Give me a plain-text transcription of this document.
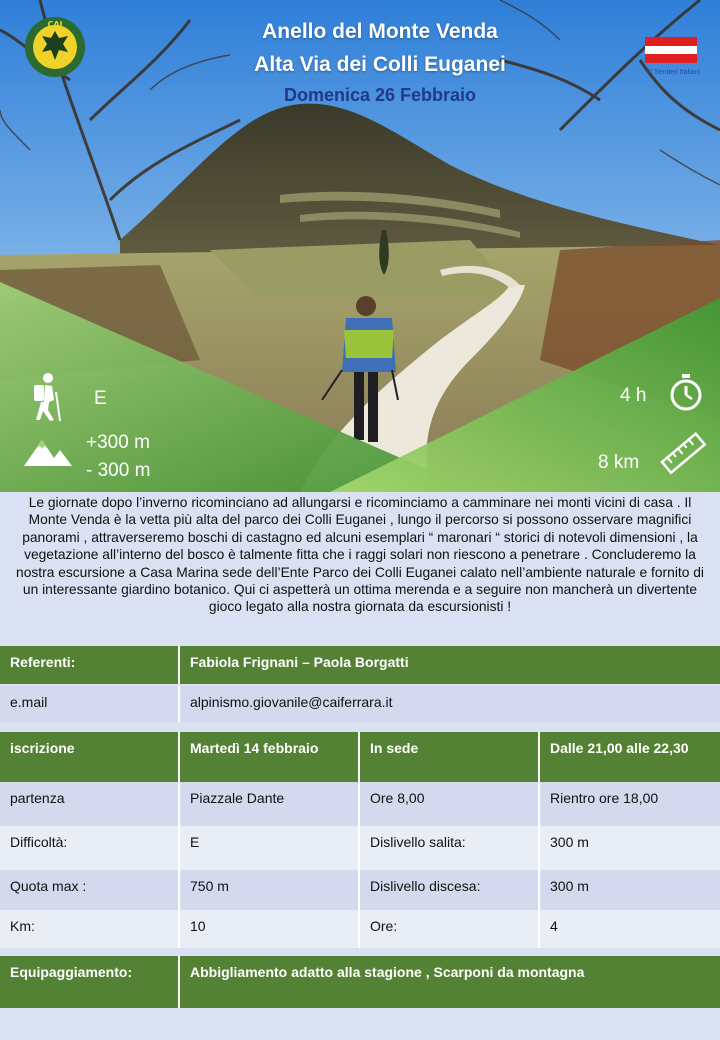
CAI
© Sentieri Italiani
Anello del Monte Venda
Alta Via dei Colli Euganei
Domenica 26 Febbraio
E
+300 m
- 300 m
4 h
8 km
Le giornate dopo l’inverno ricominciano ad allungarsi e ricominciamo a camminare nei monti vicini di casa . Il Monte Venda è la vetta più alta del parco dei Colli Euganei , lungo il percorso si possono osservare magnifici panorami , attraverseremo boschi di castagno ed alcuni esemplari “ maronari “ storici di notevoli dimensioni , la vegetazione all’interno del bosco è talmente fitta che i raggi solari non riescono a penetrare . Concluderemo la nostra escursione a Casa Marina sede dell’Ente Parco dei Colli Euganei calato nell’ambiente naturale e fornito di un interessante giardino botanico. Qui ci aspetterà un ottima merenda e a seguire non mancherà un divertente gioco legato alla nostra giornata da escursionisti !
Referenti:	Fabiola Frignani – Paola Borgatti
e.mail	alpinismo.giovanile@caiferrara.it
iscrizione	Martedì 14 febbraio	In sede	Dalle 21,00 alle 22,30
partenza	Piazzale Dante	Ore 8,00	Rientro ore 18,00
Difficoltà:	E	Dislivello salita:	300 m
Quota max :	750 m	Dislivello discesa:	300 m
Km:	10	Ore:	4
Equipaggiamento:	Abbigliamento adatto alla stagione , Scarponi da montagna
